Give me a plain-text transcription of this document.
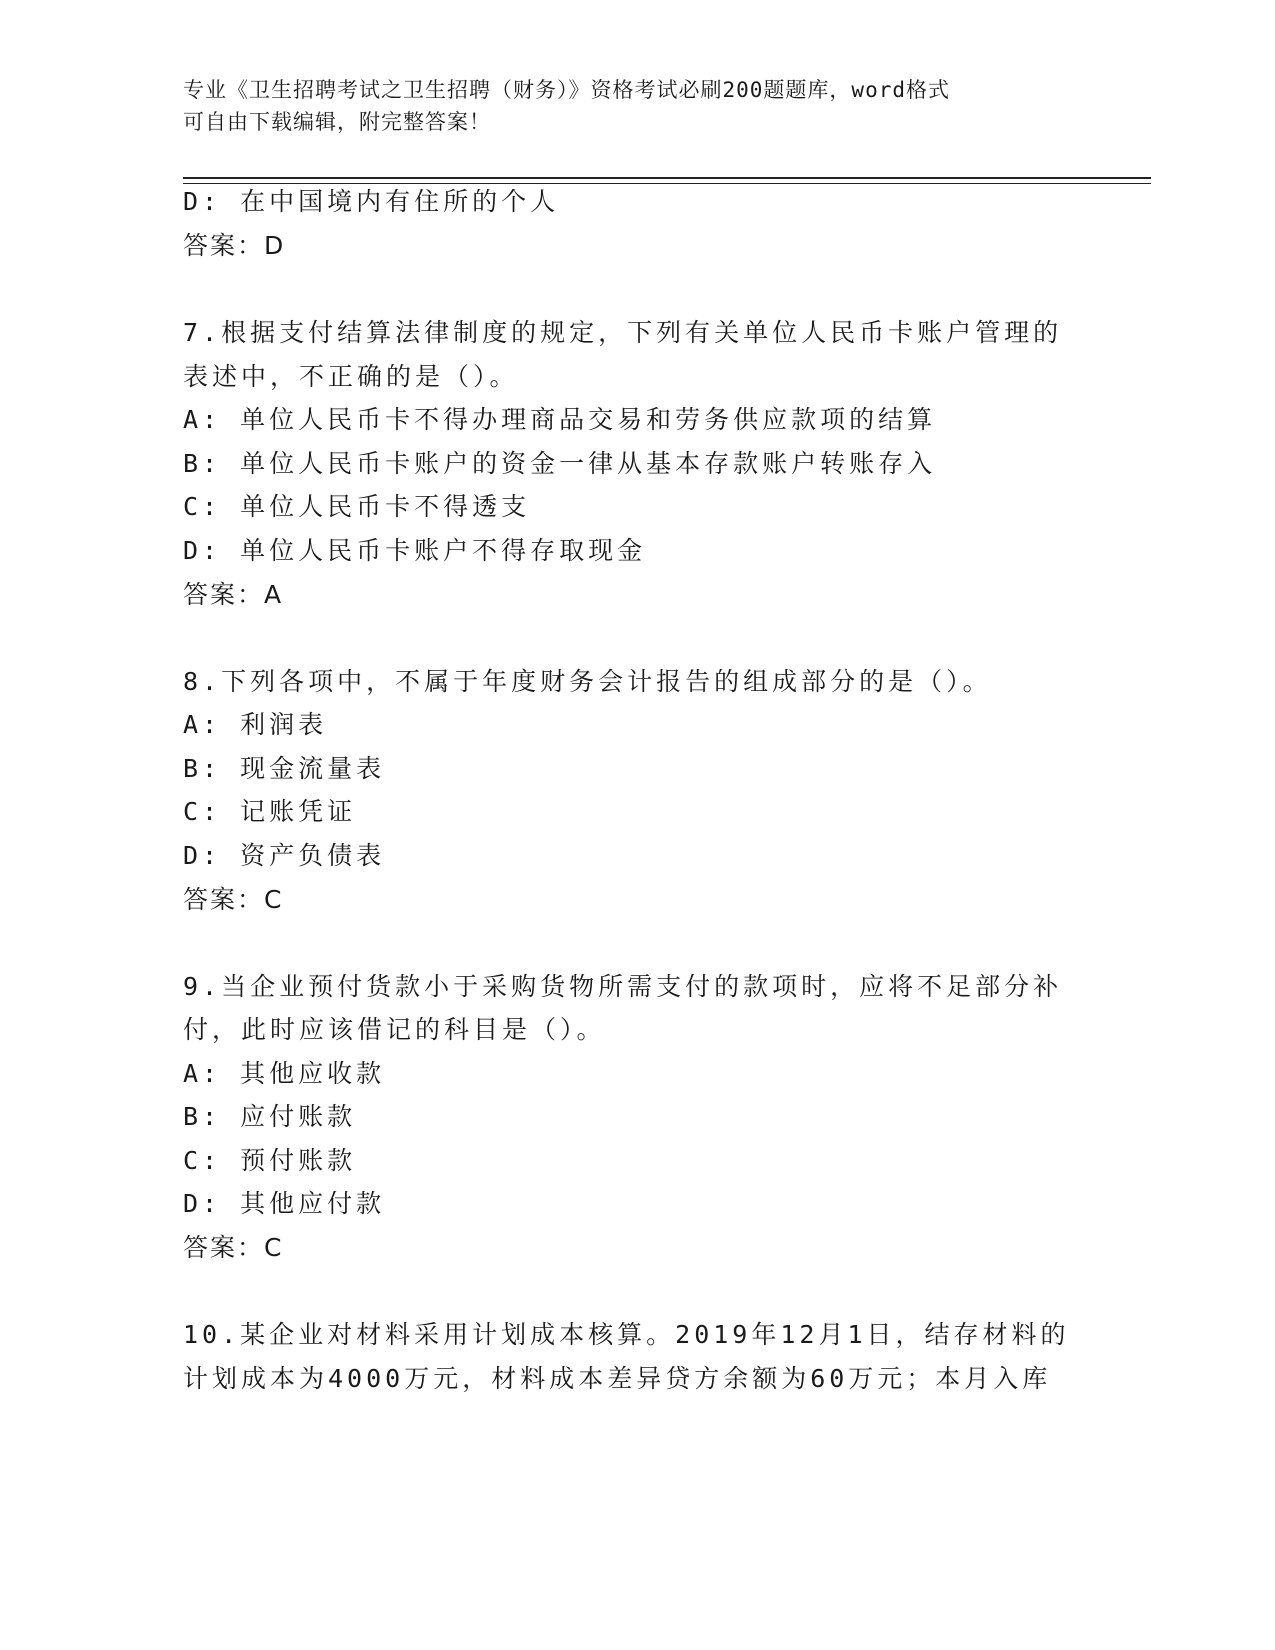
专业《卫生招聘考试之卫生招聘（财务）》资格考试必刷200题题库，word格式
可自由下载编辑，附完整答案！
D: 在中国境内有住所的个人
答案：D
7.根据支付结算法律制度的规定，下列有关单位人民币卡账户管理的
表述中，不正确的是（）。
A: 单位人民币卡不得办理商品交易和劳务供应款项的结算
B: 单位人民币卡账户的资金一律从基本存款账户转账存入
C: 单位人民币卡不得透支
D: 单位人民币卡账户不得存取现金
答案：A
8.下列各项中，不属于年度财务会计报告的组成部分的是（）。
A: 利润表
B: 现金流量表
C: 记账凭证
D: 资产负债表
答案：C
9.当企业预付货款小于采购货物所需支付的款项时，应将不足部分补
付，此时应该借记的科目是（）。
A: 其他应收款
B: 应付账款
C: 预付账款
D: 其他应付款
答案：C
10.某企业对材料采用计划成本核算。2019年12月1日，结存材料的
计划成本为4000万元，材料成本差异贷方余额为60万元；本月入库
